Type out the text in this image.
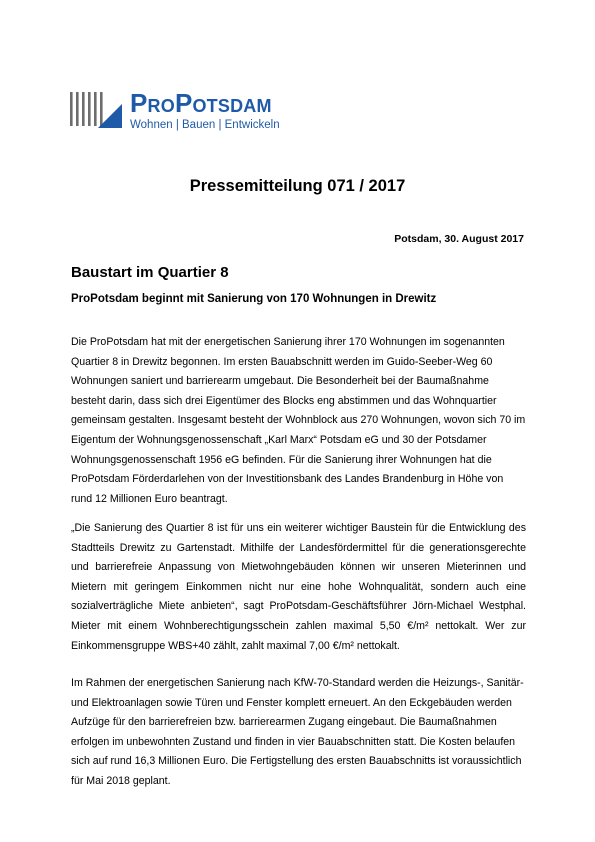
ProPotsdam
Wohnen | Bauen | Entwickeln
Pressemitteilung 071 / 2017
Potsdam, 30. August 2017
Baustart im Quartier 8
ProPotsdam beginnt mit Sanierung von 170 Wohnungen in Drewitz

Die ProPotsdam hat mit der energetischen Sanierung ihrer 170 Wohnungen im sogenannten Quartier 8 in Drewitz begonnen. Im ersten Bauabschnitt werden im Guido-Seeber-Weg 60 Wohnungen saniert und barrierearm umgebaut. Die Besonderheit bei der Baumaßnahme besteht darin, dass sich drei Eigentümer des Blocks eng abstimmen und das Wohnquartier gemeinsam gestalten. Insgesamt besteht der Wohnblock aus 270 Wohnungen, wovon sich 70 im Eigentum der Wohnungsgenossenschaft „Karl Marx“ Potsdam eG und 30 der Potsdamer Wohnungsgenossenschaft 1956 eG befinden. Für die Sanierung ihrer Wohnungen hat die ProPotsdam Förderdarlehen von der Investitionsbank des Landes Brandenburg in Höhe von rund 12 Millionen Euro beantragt.

„Die Sanierung des Quartier 8 ist für uns ein weiterer wichtiger Baustein für die Entwicklung des Stadtteils Drewitz zu Gartenstadt. Mithilfe der Landesfördermittel für die generationsgerechte und barrierefreie Anpassung von Mietwohngebäuden können wir unseren Mieterinnen und Mietern mit geringem Einkommen nicht nur eine hohe Wohnqualität, sondern auch eine sozialverträgliche Miete anbieten“, sagt ProPotsdam-Geschäftsführer Jörn-Michael Westphal. Mieter mit einem Wohnberechtigungsschein zahlen maximal 5,50 €/m² nettokalt. Wer zur Einkommensgruppe WBS+40 zählt, zahlt maximal 7,00 €/m² nettokalt.

Im Rahmen der energetischen Sanierung nach KfW-70-Standard werden die Heizungs-, Sanitär- und Elektroanlagen sowie Türen und Fenster komplett erneuert. An den Eckgebäuden werden Aufzüge für den barrierefreien bzw. barrierearmen Zugang eingebaut. Die Baumaßnahmen erfolgen im unbewohnten Zustand und finden in vier Bauabschnitten statt. Die Kosten belaufen sich auf rund 16,3 Millionen Euro. Die Fertigstellung des ersten Bauabschnitts ist voraussichtlich für Mai 2018 geplant.
